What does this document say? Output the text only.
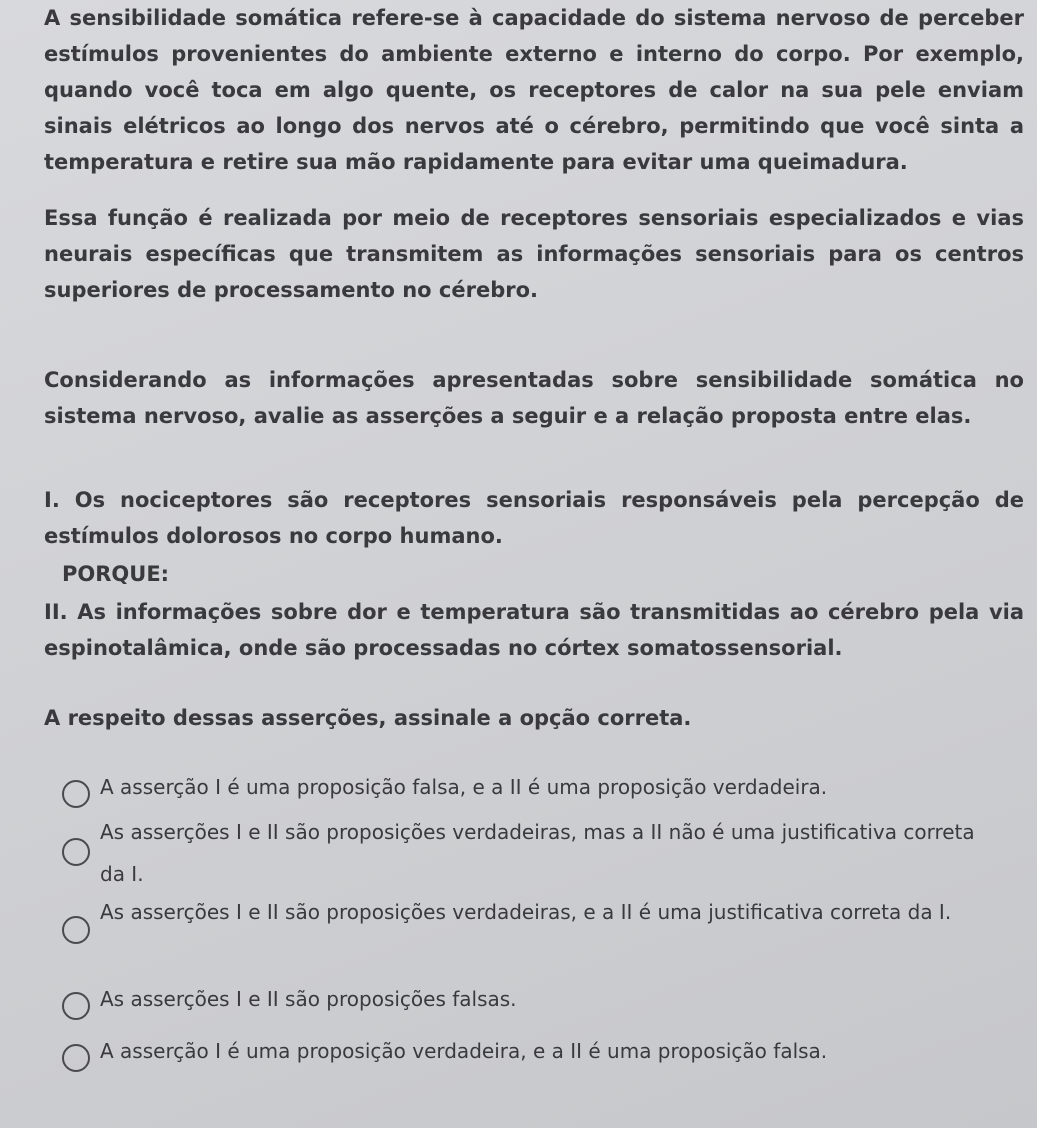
A sensibilidade somática refere-se à capacidade do sistema nervoso de perceber estímulos provenientes do ambiente externo e interno do corpo. Por exemplo, quando você toca em algo quente, os receptores de calor na sua pele enviam sinais elétricos ao longo dos nervos até o cérebro, permitindo que você sinta a temperatura e retire sua mão rapidamente para evitar uma queimadura.

Essa função é realizada por meio de receptores sensoriais especializados e vias neurais específicas que transmitem as informações sensoriais para os centros superiores de processamento no cérebro.

Considerando as informações apresentadas sobre sensibilidade somática no sistema nervoso, avalie as asserções a seguir e a relação proposta entre elas.

I. Os nociceptores são receptores sensoriais responsáveis pela percepção de estímulos dolorosos no corpo humano.

PORQUE:

II. As informações sobre dor e temperatura são transmitidas ao cérebro pela via espinotalâmica, onde são processadas no córtex somatossensorial.

A respeito dessas asserções, assinale a opção correta.

A asserção I é uma proposição falsa, e a II é uma proposição verdadeira.

As asserções I e II são proposições verdadeiras, mas a II não é uma justificativa correta da I.

As asserções I e II são proposições verdadeiras, e a II é uma justificativa correta da I.

As asserções I e II são proposições falsas.

A asserção I é uma proposição verdadeira, e a II é uma proposição falsa.
